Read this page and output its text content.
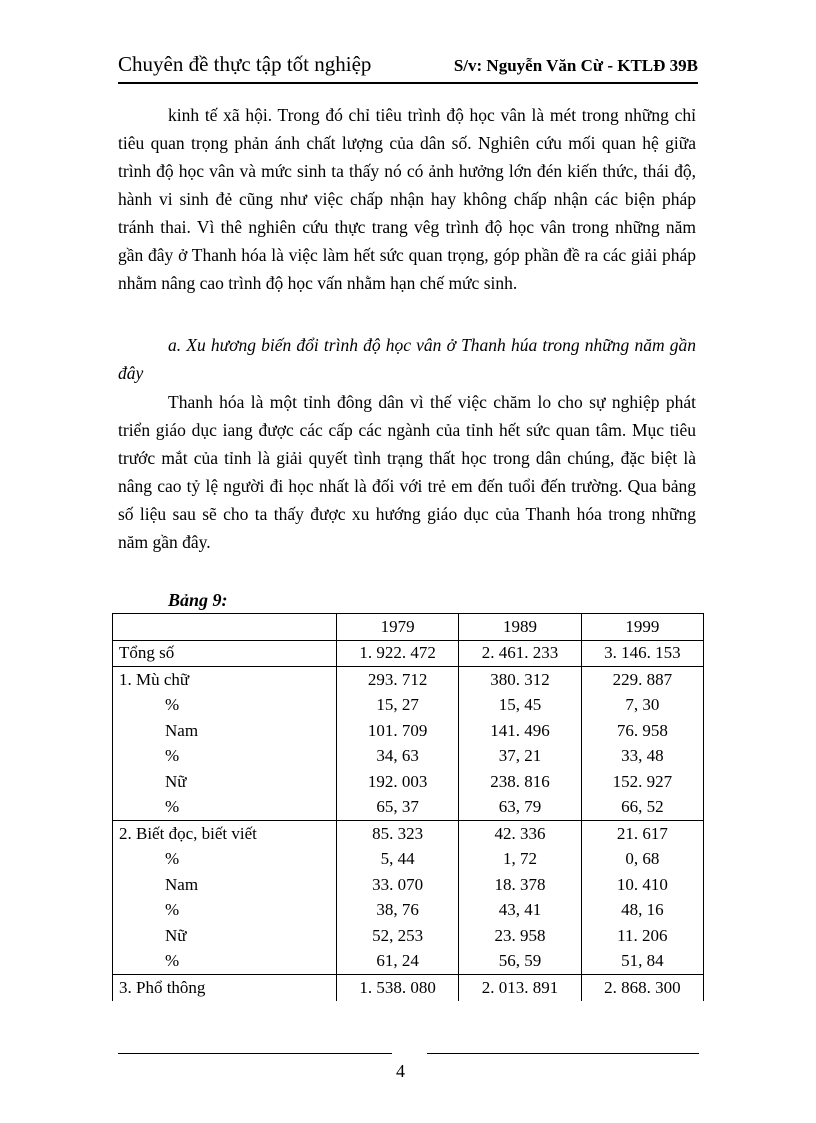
Chuyên đề thực tập tốt nghiệp	S/v: Nguyễn Văn Cừ - KTLĐ 39B
kinh tế xã hội. Trong đó chỉ tiêu trình độ học vân là mét trong những chỉ tiêu quan trọng phản ánh chất lượng của dân số. Nghiên cứu mối quan hệ giữa trình độ học vân và mức sinh ta thấy nó có ảnh hưởng lớn đén kiến thức, thái độ, hành vi sinh đẻ cũng như việc chấp nhận hay không chấp nhận các biện pháp tránh thai. Vì thê nghiên cứu thực trang vêg trình độ học vân trong những năm gần đây ở Thanh hóa là việc làm hết sức quan trọng, góp phần đề ra các giải pháp nhằm nâng cao trình độ học vấn nhằm hạn chế mức sinh.
a. Xu hương biến đổi trình độ học vân ở Thanh húa trong những năm gần đây
Thanh hóa là một tỉnh đông dân vì thế việc chăm lo cho sự nghiệp phát triển giáo dục iang được các cấp các ngành của tỉnh hết sức quan tâm. Mục tiêu trước mắt của tỉnh là giải quyết tình trạng thất học trong dân chúng, đặc biệt là nâng cao tỷ lệ người đi học nhất là đối với trẻ em đến tuổi đến trường. Qua bảng số liệu sau sẽ cho ta thấy được xu hướng giáo dục của Thanh hóa trong những năm gần đây.
Bảng 9:
	1979	1989	1999
Tổng số	1. 922. 472	2. 461. 233	3. 146. 153
1. Mù chữ	293. 712	380. 312	229. 887
%	15, 27	15, 45	7, 30
Nam	101. 709	141. 496	76. 958
%	34, 63	37, 21	33, 48
Nữ	192. 003	238. 816	152. 927
%	65, 37	63, 79	66, 52
2. Biết đọc, biết viết	85. 323	42. 336	21. 617
%	5, 44	1, 72	0, 68
Nam	33. 070	18. 378	10. 410
%	38, 76	43, 41	48, 16
Nữ	52, 253	23. 958	11. 206
%	61, 24	56, 59	51, 84
3. Phổ thông	1. 538. 080	2. 013. 891	2. 868. 300
4
